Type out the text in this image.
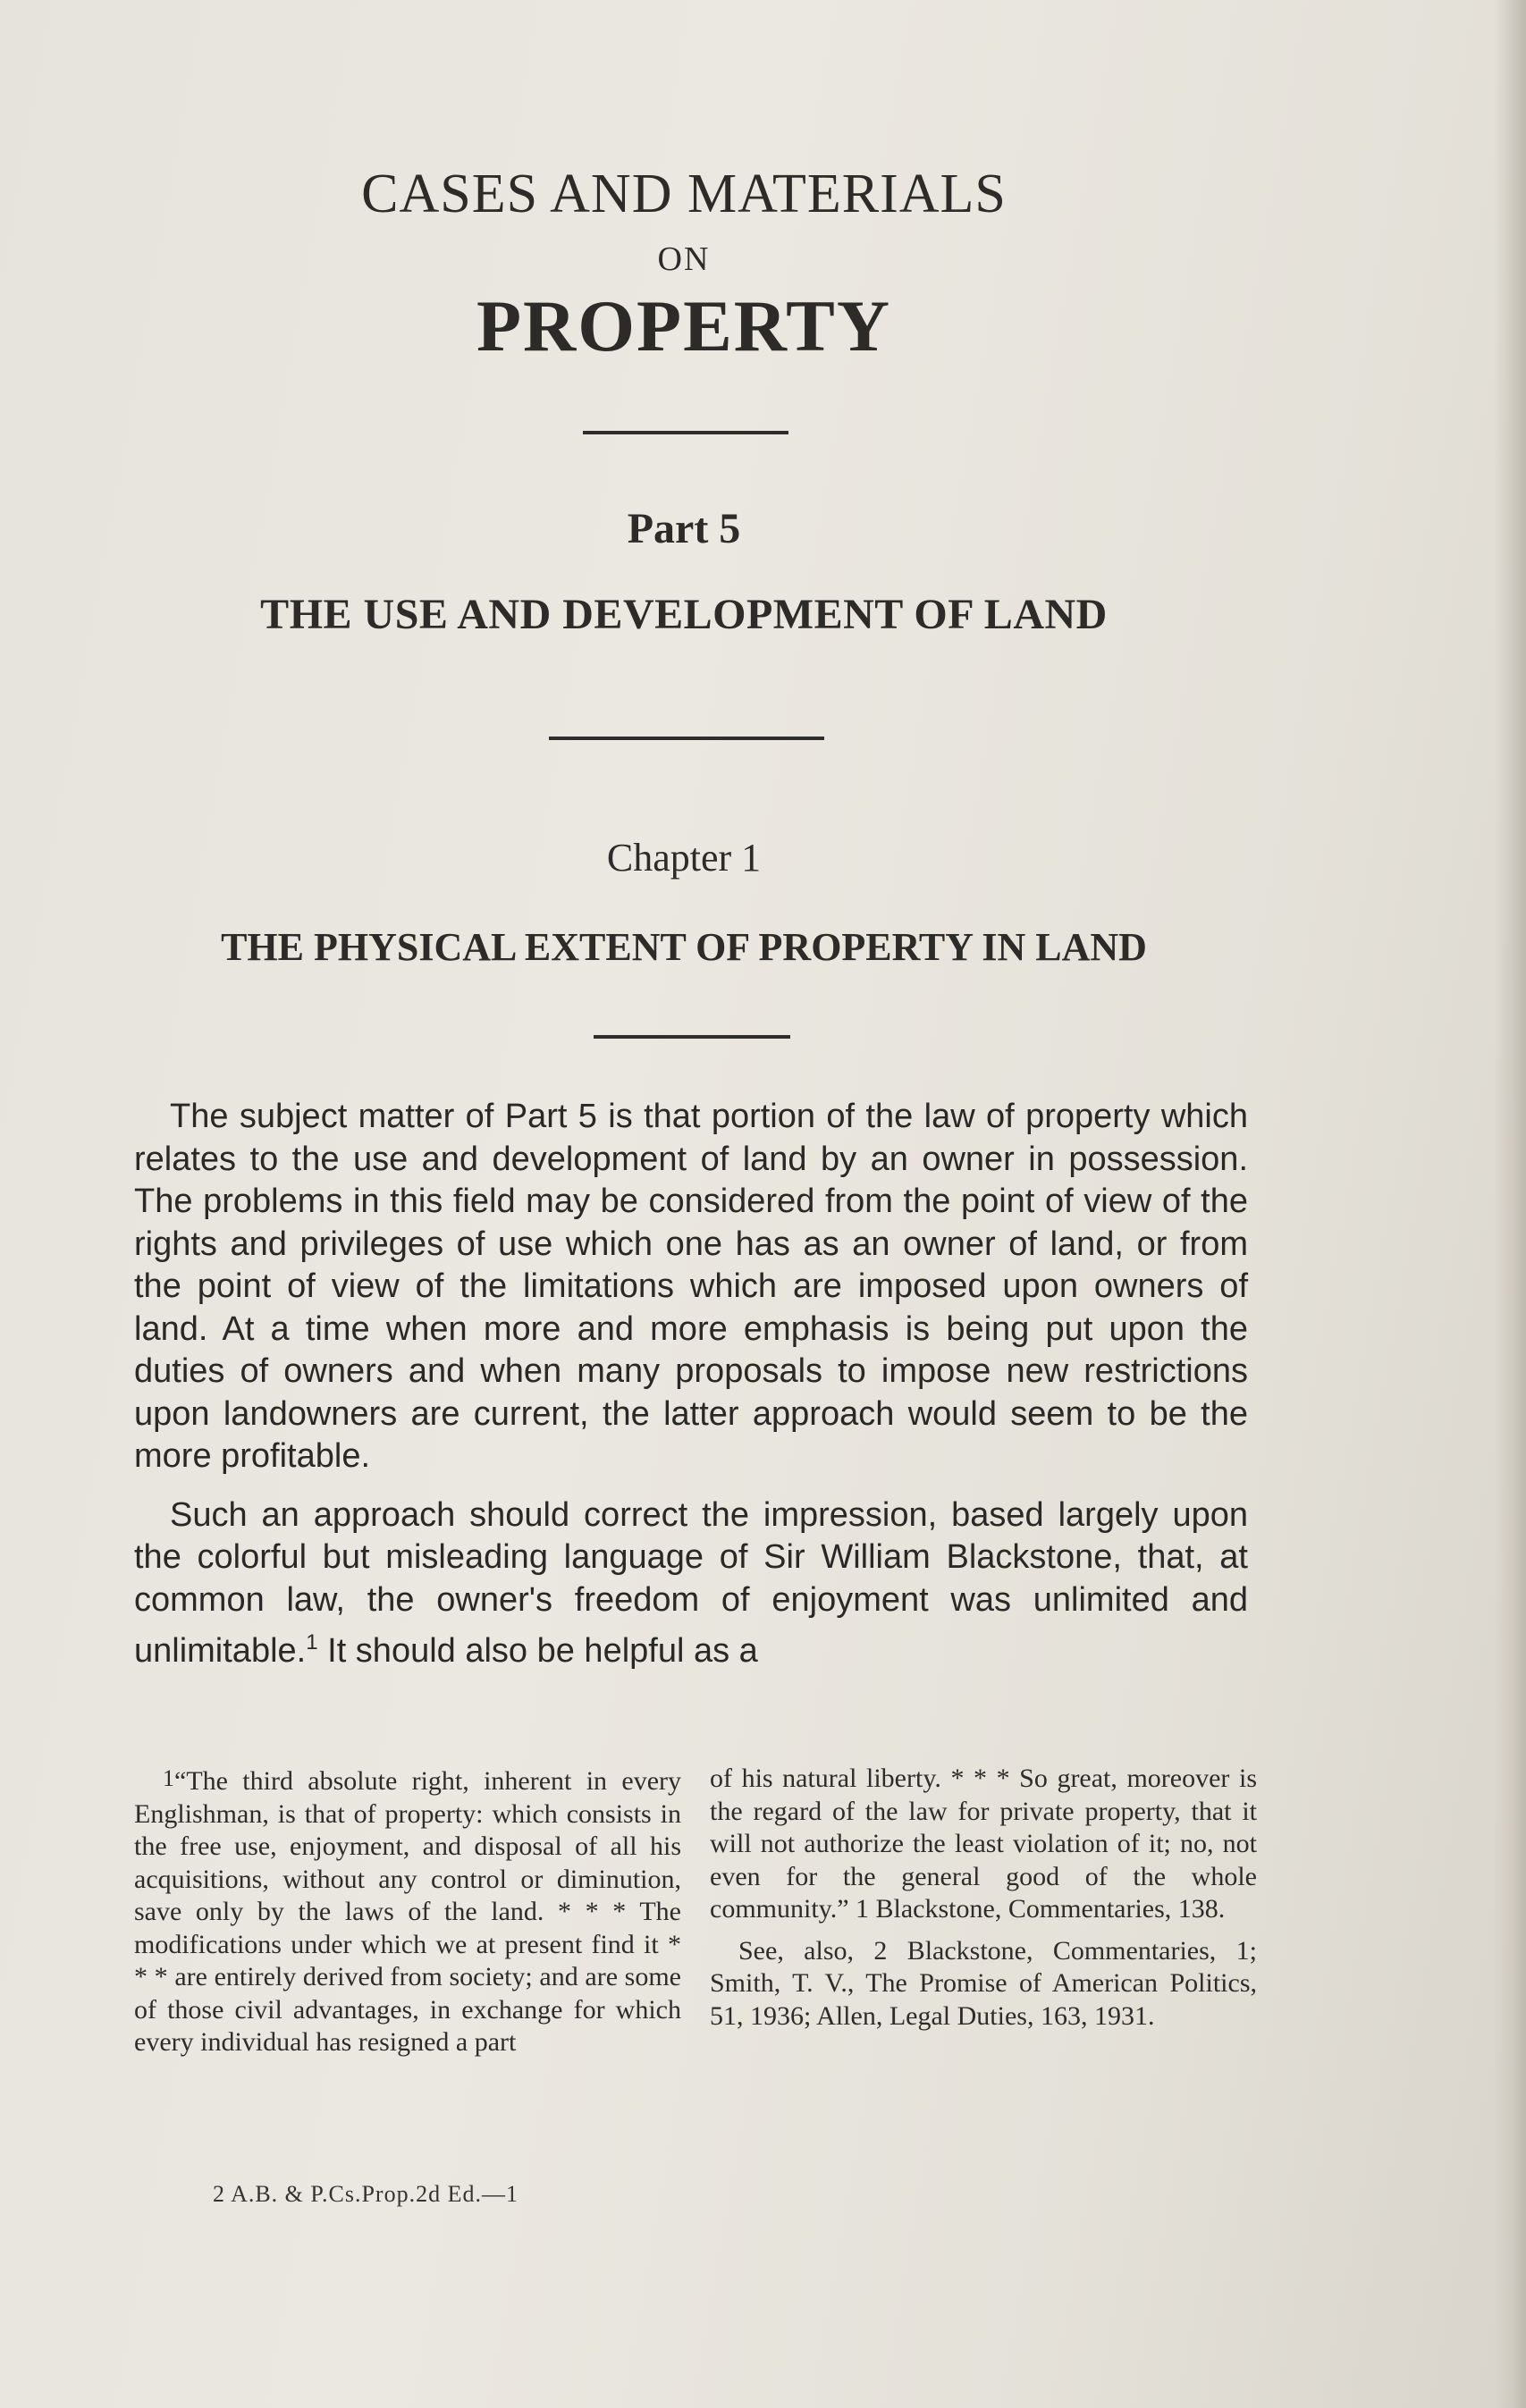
CASES AND MATERIALS
ON
PROPERTY
Part 5
THE USE AND DEVELOPMENT OF LAND
Chapter 1
THE PHYSICAL EXTENT OF PROPERTY IN LAND

The subject matter of Part 5 is that portion of the law of property which relates to the use and development of land by an owner in possession. The problems in this field may be considered from the point of view of the rights and privileges of use which one has as an owner of land, or from the point of view of the limitations which are imposed upon owners of land. At a time when more and more emphasis is being put upon the duties of owners and when many proposals to impose new restrictions upon landowners are current, the latter approach would seem to be the more profitable.

Such an approach should correct the impression, based largely upon the colorful but misleading language of Sir William Blackstone, that, at common law, the owner's freedom of enjoyment was unlimited and unlimitable.$^1$ It should also be helpful as a

1“The third absolute right, inherent in every Englishman, is that of property: which consists in the free use, enjoyment, and disposal of all his acquisitions, without any control or diminution, save only by the laws of the land. * * * The modifications under which we at present find it * * * are entirely derived from society; and are some of those civil advantages, in exchange for which every individual has resigned a part

of his natural liberty. * * * So great, moreover is the regard of the law for private property, that it will not authorize the least violation of it; no, not even for the general good of the whole community.” 1 Blackstone, Commentaries, 138.

See, also, 2 Blackstone, Commentaries, 1; Smith, T. V., The Promise of American Politics, 51, 1936; Allen, Legal Duties, 163, 1931.

2 A.B. & P.Cs.Prop.2d Ed.—1
